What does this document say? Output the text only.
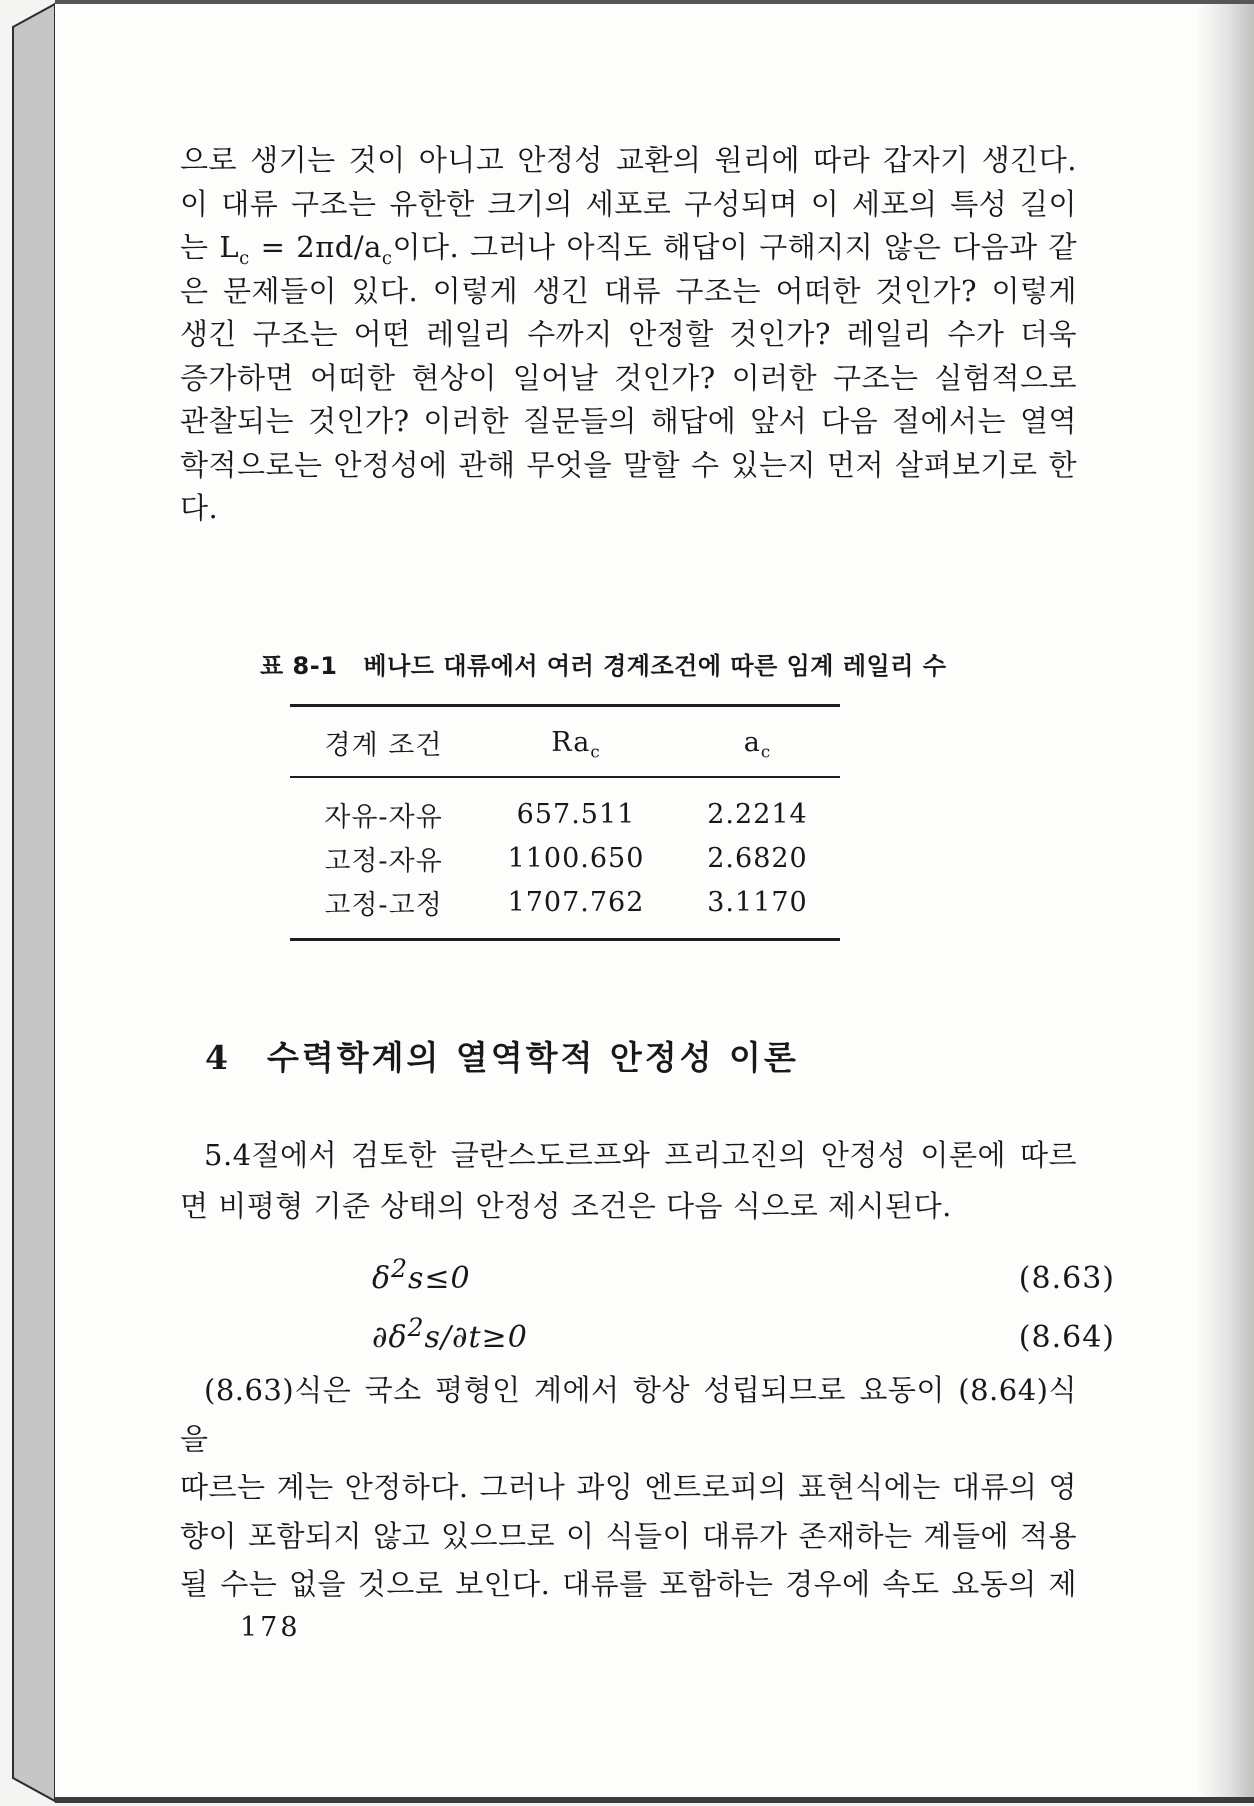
으로 생기는 것이 아니고 안정성 교환의 원리에 따라 갑자기 생긴다.
이 대류 구조는 유한한 크기의 세포로 구성되며 이 세포의 특성 길이
는 $L_c = 2\pi d/a_c$이다. 그러나 아직도 해답이 구해지지 않은 다음과 같
은 문제들이 있다. 이렇게 생긴 대류 구조는 어떠한 것인가? 이렇게
생긴 구조는 어떤 레일리 수까지 안정할 것인가? 레일리 수가 더욱
증가하면 어떠한 현상이 일어날 것인가? 이러한 구조는 실험적으로
관찰되는 것인가? 이러한 질문들의 해답에 앞서 다음 절에서는 열역
학적으로는 안정성에 관해 무엇을 말할 수 있는지 먼저 살펴보기로 한
다.
표 8-1 베나드 대류에서 여러 경계조건에 따른 임계 레일리 수
경계 조건	$Ra_c$	$a_c$
자유-자유	657.511	2.2214
고정-자유	1100.650	2.6820
고정-고정	1707.762	3.1170
4 수력학계의 열역학적 안정성 이론
5.4절에서 검토한 글란스도르프와 프리고진의 안정성 이론에 따르
면 비평형 기준 상태의 안정성 조건은 다음 식으로 제시된다.
$\delta^2s\le 0$	(8.63)
$\partial\delta^2s/\partial t\ge 0$	(8.64)
(8.63)식은 국소 평형인 계에서 항상 성립되므로 요동이 (8.64)식을
따르는 계는 안정하다. 그러나 과잉 엔트로피의 표현식에는 대류의 영
향이 포함되지 않고 있으므로 이 식들이 대류가 존재하는 계들에 적용
될 수는 없을 것으로 보인다. 대류를 포함하는 경우에 속도 요동의 제
178
